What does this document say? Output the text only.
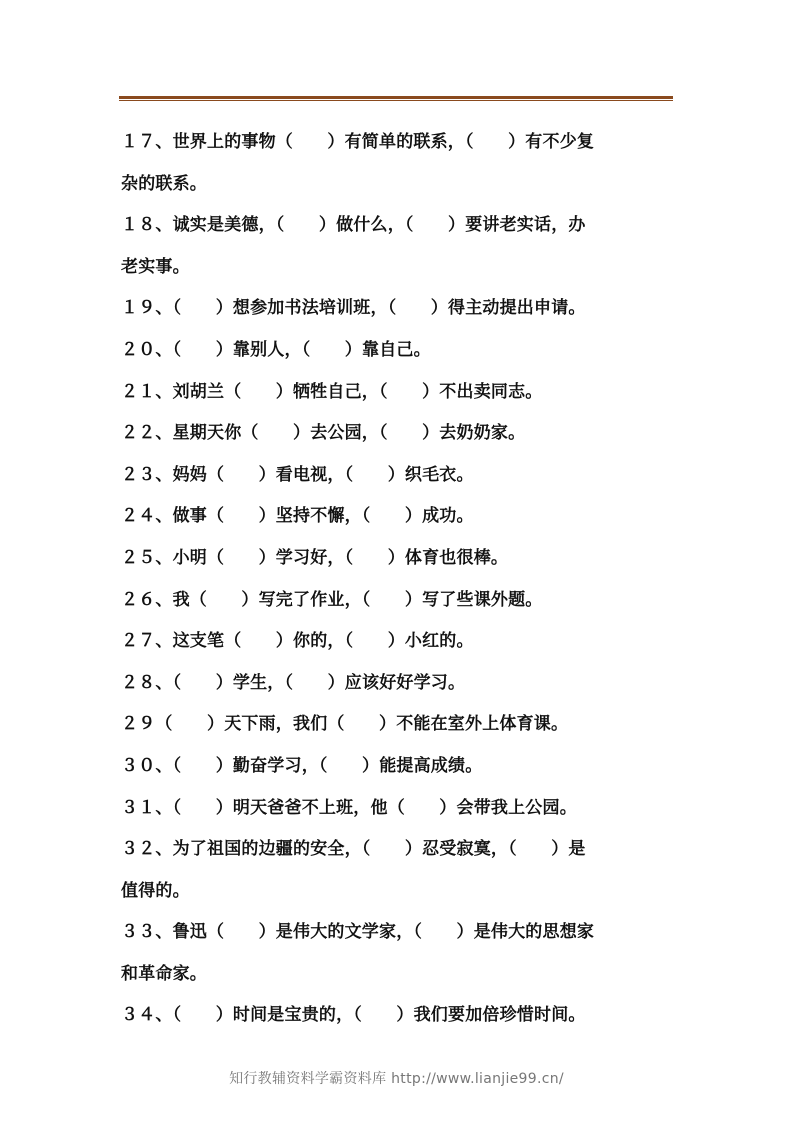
１７、世界上的事物（　　）有简单的联系，（　　）有不少复
杂的联系。
１８、诚实是美德，（　　）做什么，（　　）要讲老实话，办
老实事。
１９、（　　）想参加书法培训班，（　　）得主动提出申请。
２０、（　　）靠别人，（　　）靠自己。
２１、刘胡兰（　　）牺牲自己，（　　）不出卖同志。
２２、星期天你（　　）去公园，（　　）去奶奶家。
２３、妈妈（　　）看电视，（　　）织毛衣。
２４、做事（　　）坚持不懈，（　　）成功。
２５、小明（　　）学习好，（　　）体育也很棒。
２６、我（　　）写完了作业，（　　）写了些课外题。
２７、这支笔（　　）你的，（　　）小红的。
２８、（　　）学生，（　　）应该好好学习。
２９（　　）天下雨，我们（　　）不能在室外上体育课。
３０、（　　）勤奋学习，（　　）能提高成绩。
３１、（　　）明天爸爸不上班，他（　　）会带我上公园。
３２、为了祖国的边疆的安全，（　　）忍受寂寞，（　　）是
值得的。
３３、鲁迅（　　）是伟大的文学家，（　　）是伟大的思想家
和革命家。
３４、（　　）时间是宝贵的，（　　）我们要加倍珍惜时间。
知行教辅资料学霸资料库 http://www.lianjie99.cn/
